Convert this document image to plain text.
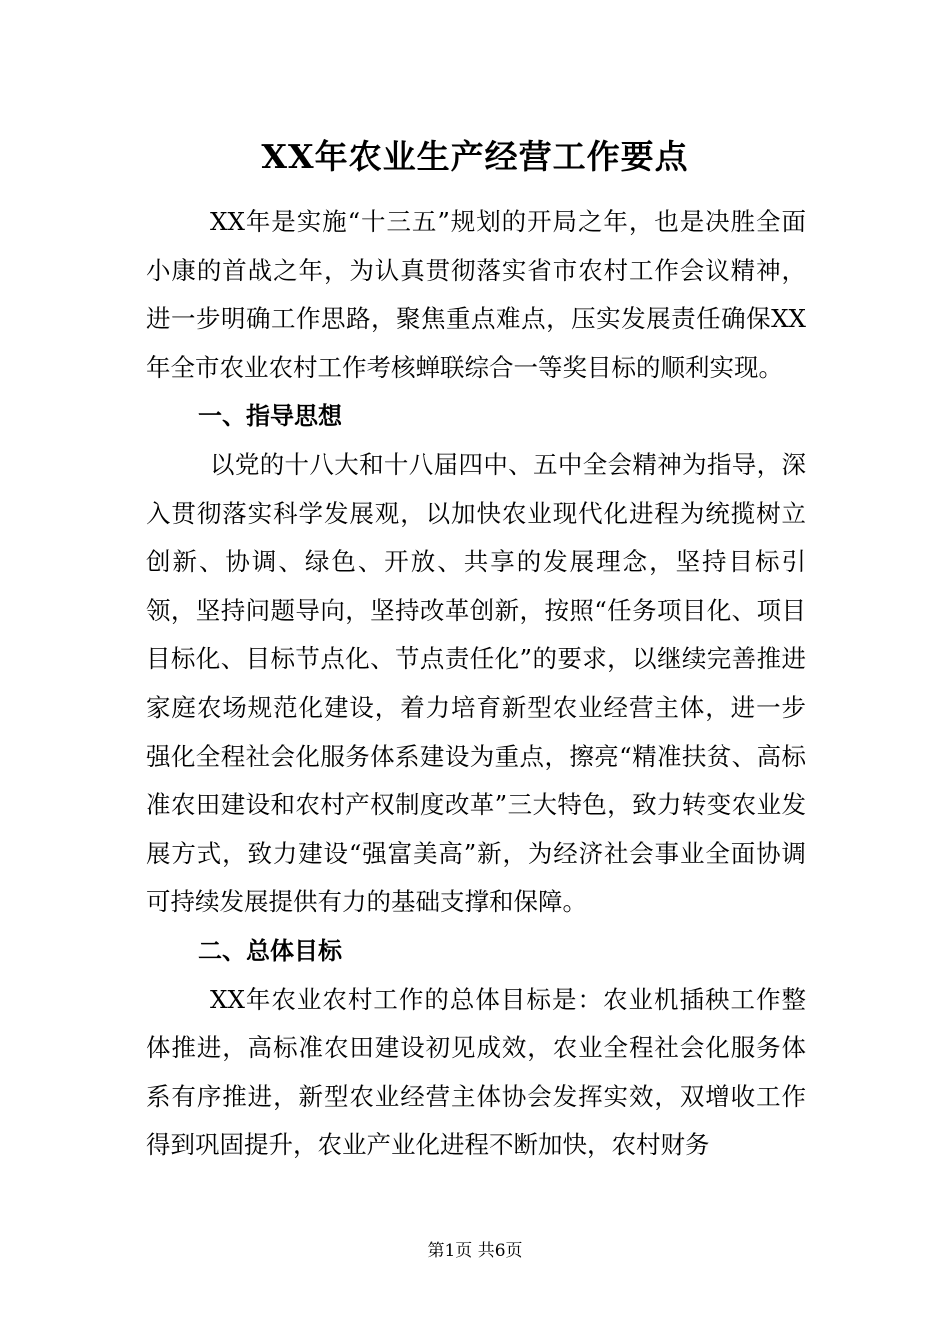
XX年农业生产经营工作要点

XX年是实施“十三五”规划的开局之年，也是决胜全面小康的首战之年，为认真贯彻落实省市农村工作会议精神，进一步明确工作思路，聚焦重点难点，压实发展责任确保XX年全市农业农村工作考核蝉联综合一等奖目标的顺利实现。

一、指导思想

以党的十八大和十八届四中、五中全会精神为指导，深入贯彻落实科学发展观，以加快农业现代化进程为统揽树立创新、协调、绿色、开放、共享的发展理念，坚持目标引领，坚持问题导向，坚持改革创新，按照“任务项目化、项目目标化、目标节点化、节点责任化”的要求，以继续完善推进家庭农场规范化建设，着力培育新型农业经营主体，进一步强化全程社会化服务体系建设为重点，擦亮“精准扶贫、高标准农田建设和农村产权制度改革”三大特色，致力转变农业发展方式，致力建设“强富美高”新，为经济社会事业全面协调可持续发展提供有力的基础支撑和保障。

二、总体目标

XX年农业农村工作的总体目标是：农业机插秧工作整体推进，高标准农田建设初见成效，农业全程社会化服务体系有序推进，新型农业经营主体协会发挥实效，双增收工作得到巩固提升，农业产业化进程不断加快，农村财务

第1页 共6页
